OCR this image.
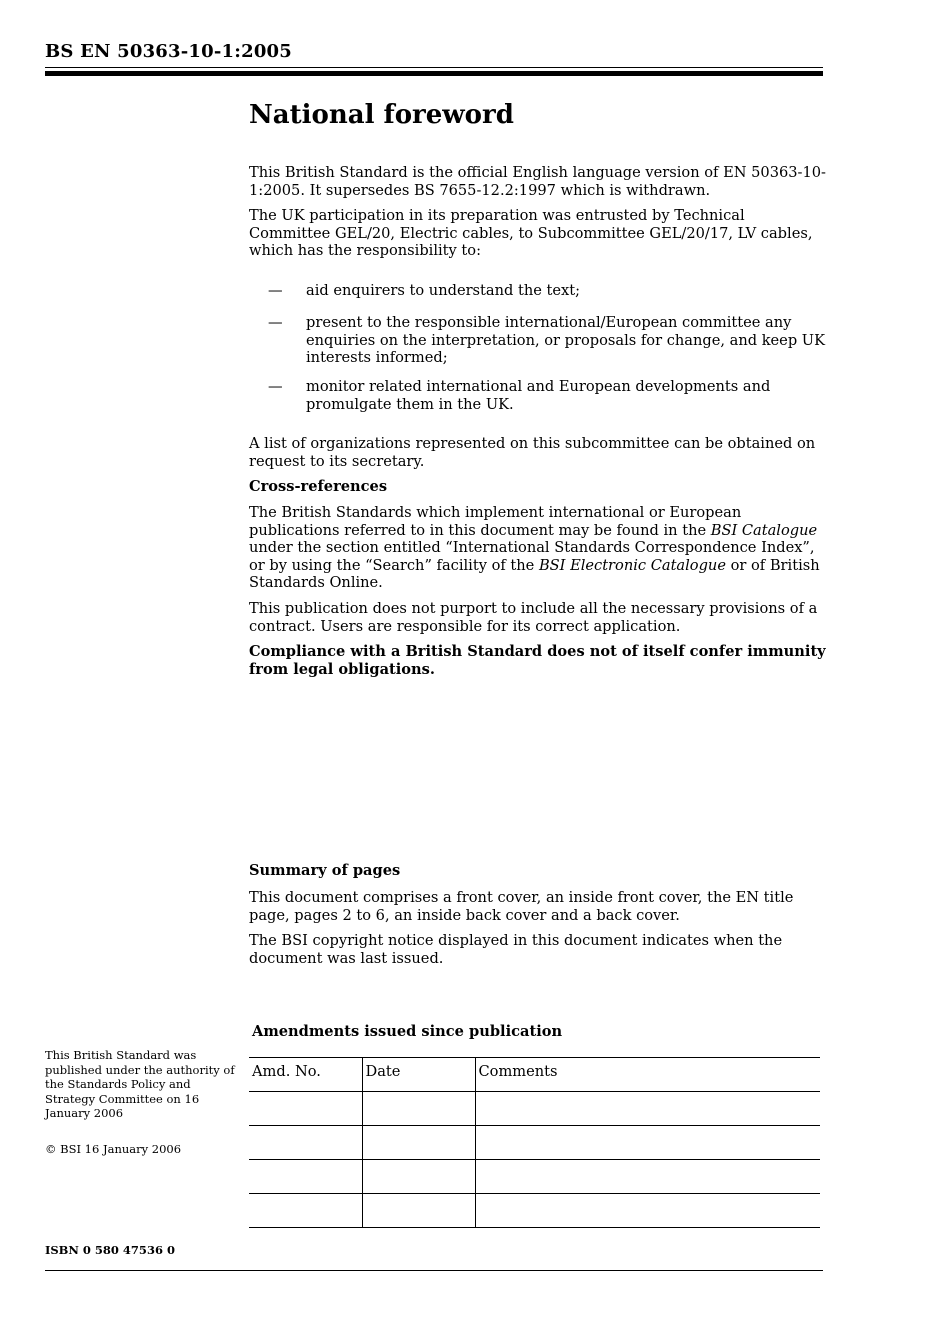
BS EN 50363-10-1:2005
National foreword

This British Standard is the official English language version of EN 50363-10-1:2005. It supersedes BS 7655-12.2:1997 which is withdrawn.

The UK participation in its preparation was entrusted by Technical Committee GEL/20, Electric cables, to Subcommittee GEL/20/17, LV cables, which has the responsibility to:

—	aid enquirers to understand the text;
—	present to the responsible international/European committee any enquiries on the interpretation, or proposals for change, and keep UK interests informed;
—	monitor related international and European developments and promulgate them in the UK.

A list of organizations represented on this subcommittee can be obtained on request to its secretary.

Cross-references

The British Standards which implement international or European publications referred to in this document may be found in the BSI Catalogue under the section entitled “International Standards Correspondence Index”, or by using the “Search” facility of the BSI Electronic Catalogue or of British Standards Online.

This publication does not purport to include all the necessary provisions of a contract. Users are responsible for its correct application.

Compliance with a British Standard does not of itself confer immunity from legal obligations.
Summary of pages

This document comprises a front cover, an inside front cover, the EN title page, pages 2 to 6, an inside back cover and a back cover.

The BSI copyright notice displayed in this document indicates when the document was last issued.

This British Standard was published under the authority of the Standards Policy and Strategy Committee on 16 January 2006

© BSI 16 January 2006
ISBN 0 580 47536 0
Amendments issued since publication
Amd. No.	Date	Comments
